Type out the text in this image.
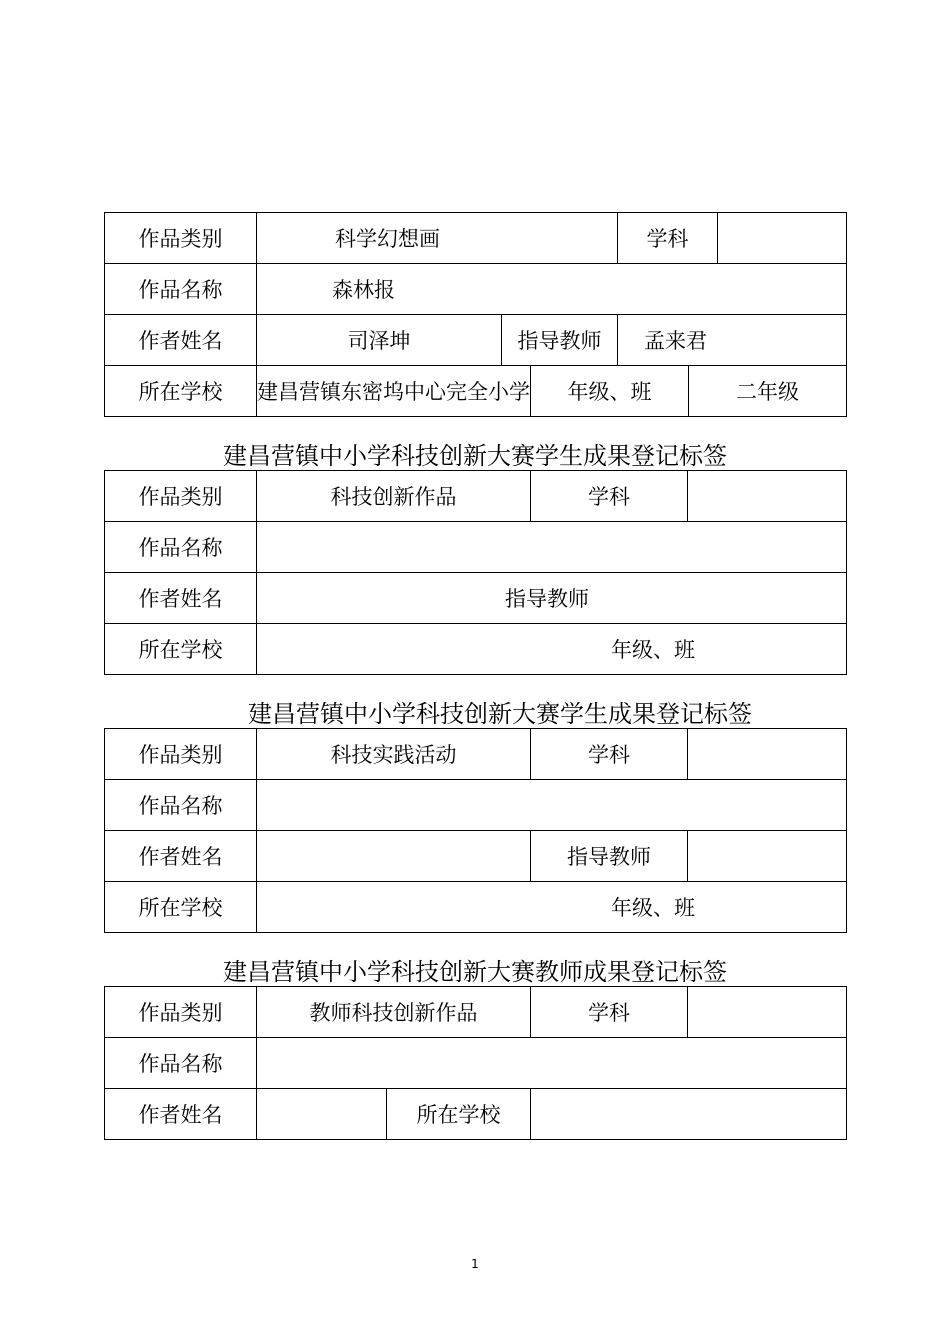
作品类别	科学幻想画			学科		
作品名称	森林报					
作者姓名	司泽坤	指导教师		孟来君		
所在学校	建昌营镇东密坞中心完全小学		年级、班		二年级	
建昌营镇中小学科技创新大赛学生成果登记标签
作品类别	科技创新作品	学科	
作品名称			
作者姓名	指导教师		
所在学校	年级、班		
建昌营镇中小学科技创新大赛学生成果登记标签
作品类别	科技实践活动	学科	
作品名称			
作者姓名		指导教师	
所在学校	年级、班		
建昌营镇中小学科技创新大赛教师成果登记标签
作品类别	教师科技创新作品		学科	
作品名称				
作者姓名		所在学校		
1
